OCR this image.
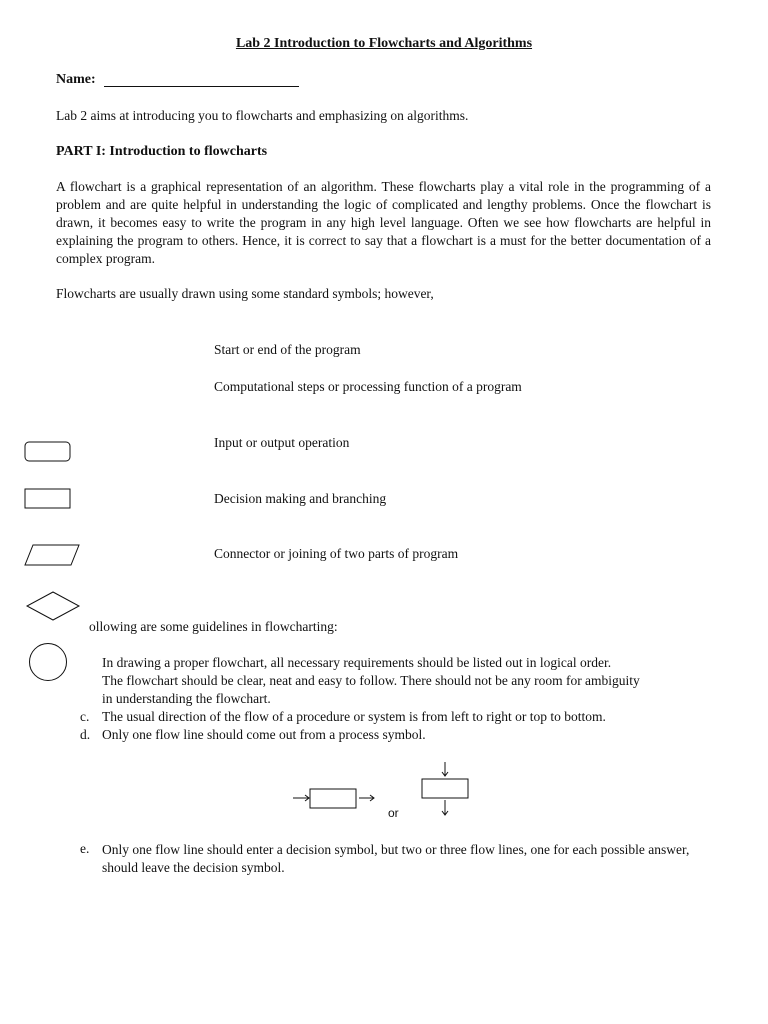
Lab 2 Introduction to Flowcharts and Algorithms
Name:
Lab 2 aims at introducing you to flowcharts and emphasizing on algorithms.
PART I: Introduction to flowcharts
A flowchart is a graphical representation of an algorithm. These flowcharts play a vital role in the programming of a problem and are quite helpful in understanding the logic of complicated and lengthy problems. Once the flowchart is drawn, it becomes easy to write the program in any high level language. Often we see how flowcharts are helpful in explaining the program to others. Hence, it is correct to say that a flowchart is a must for the better documentation of a complex program.
Flowcharts are usually drawn using some standard symbols; however,
Start or end of the program
Computational steps or processing function of a program
Input or output operation
Decision making and branching
Connector or joining of two parts of program
ollowing are some guidelines in flowcharting:
In drawing a proper flowchart, all necessary requirements should be listed out in logical order.
The flowchart should be clear, neat and easy to follow. There should not be any room for ambiguity
in understanding the flowchart.
c. The usual direction of the flow of a procedure or system is from left to right or top to bottom.
d. Only one flow line should come out from a process symbol.
or
e. Only one flow line should enter a decision symbol, but two or three flow lines, one for each possible answer, should leave the decision symbol.
